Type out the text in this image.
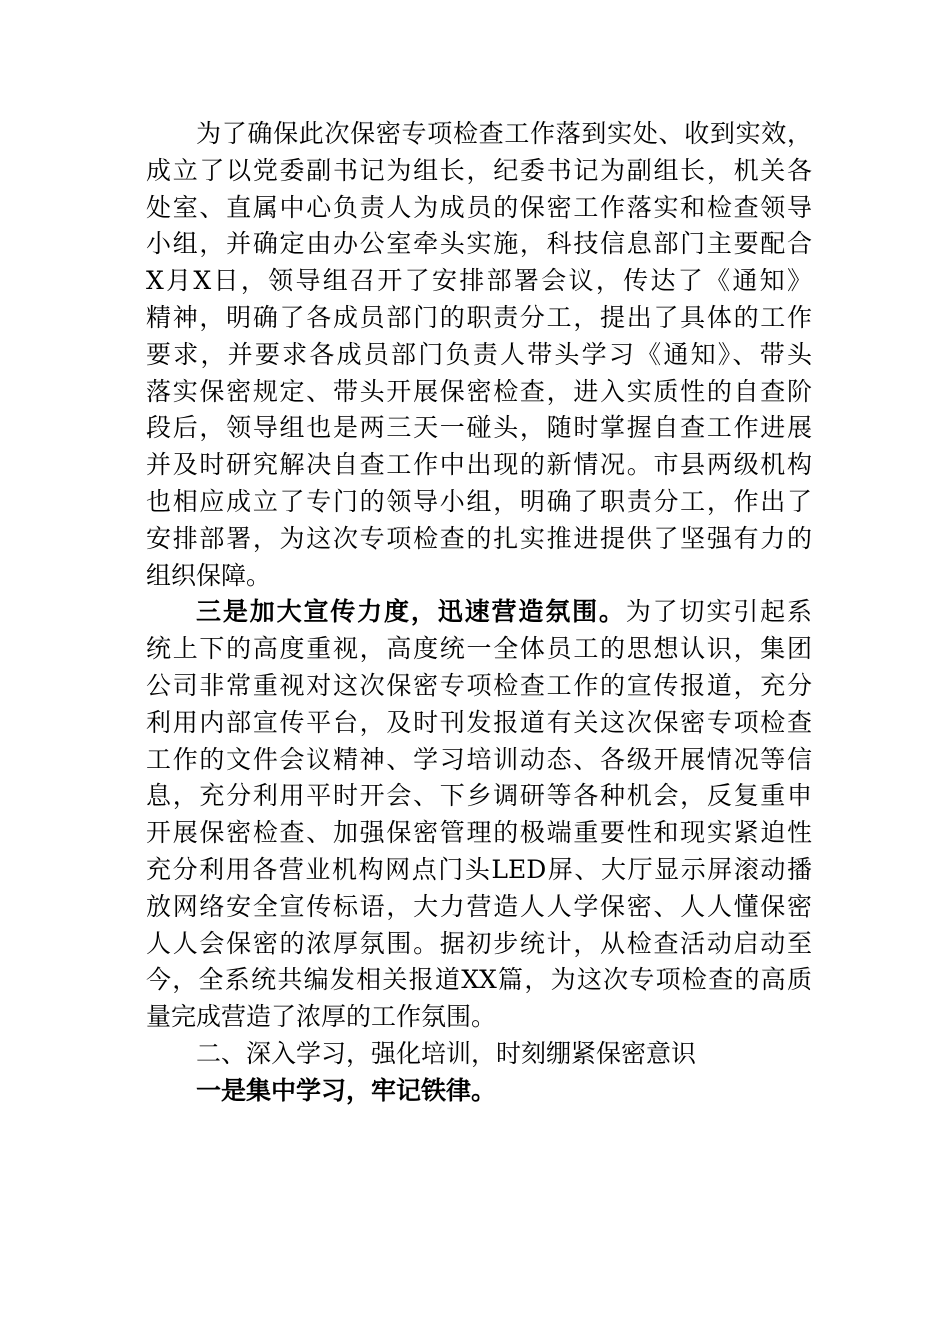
为了确保此次保密专项检查工作落到实处、收到实效，
成立了以党委副书记为组长，纪委书记为副组长，机关各
处室、直属中心负责人为成员的保密工作落实和检查领导
小组，并确定由办公室牵头实施，科技信息部门主要配合
X月X日，领导组召开了安排部署会议，传达了《通知》
精神，明确了各成员部门的职责分工，提出了具体的工作
要求，并要求各成员部门负责人带头学习《通知》、带头
落实保密规定、带头开展保密检查，进入实质性的自查阶
段后，领导组也是两三天一碰头，随时掌握自查工作进展
并及时研究解决自查工作中出现的新情况。市县两级机构
也相应成立了专门的领导小组，明确了职责分工，作出了
安排部署，为这次专项检查的扎实推进提供了坚强有力的
组织保障。
三是加大宣传力度，迅速营造氛围。为了切实引起系
统上下的高度重视，高度统一全体员工的思想认识，集团
公司非常重视对这次保密专项检查工作的宣传报道，充分
利用内部宣传平台，及时刊发报道有关这次保密专项检查
工作的文件会议精神、学习培训动态、各级开展情况等信
息，充分利用平时开会、下乡调研等各种机会，反复重申
开展保密检查、加强保密管理的极端重要性和现实紧迫性
充分利用各营业机构网点门头LED屏、大厅显示屏滚动播
放网络安全宣传标语，大力营造人人学保密、人人懂保密
人人会保密的浓厚氛围。据初步统计，从检查活动启动至
今，全系统共编发相关报道XX篇，为这次专项检查的高质
量完成营造了浓厚的工作氛围。
二、深入学习，强化培训，时刻绷紧保密意识
一是集中学习，牢记铁律。
